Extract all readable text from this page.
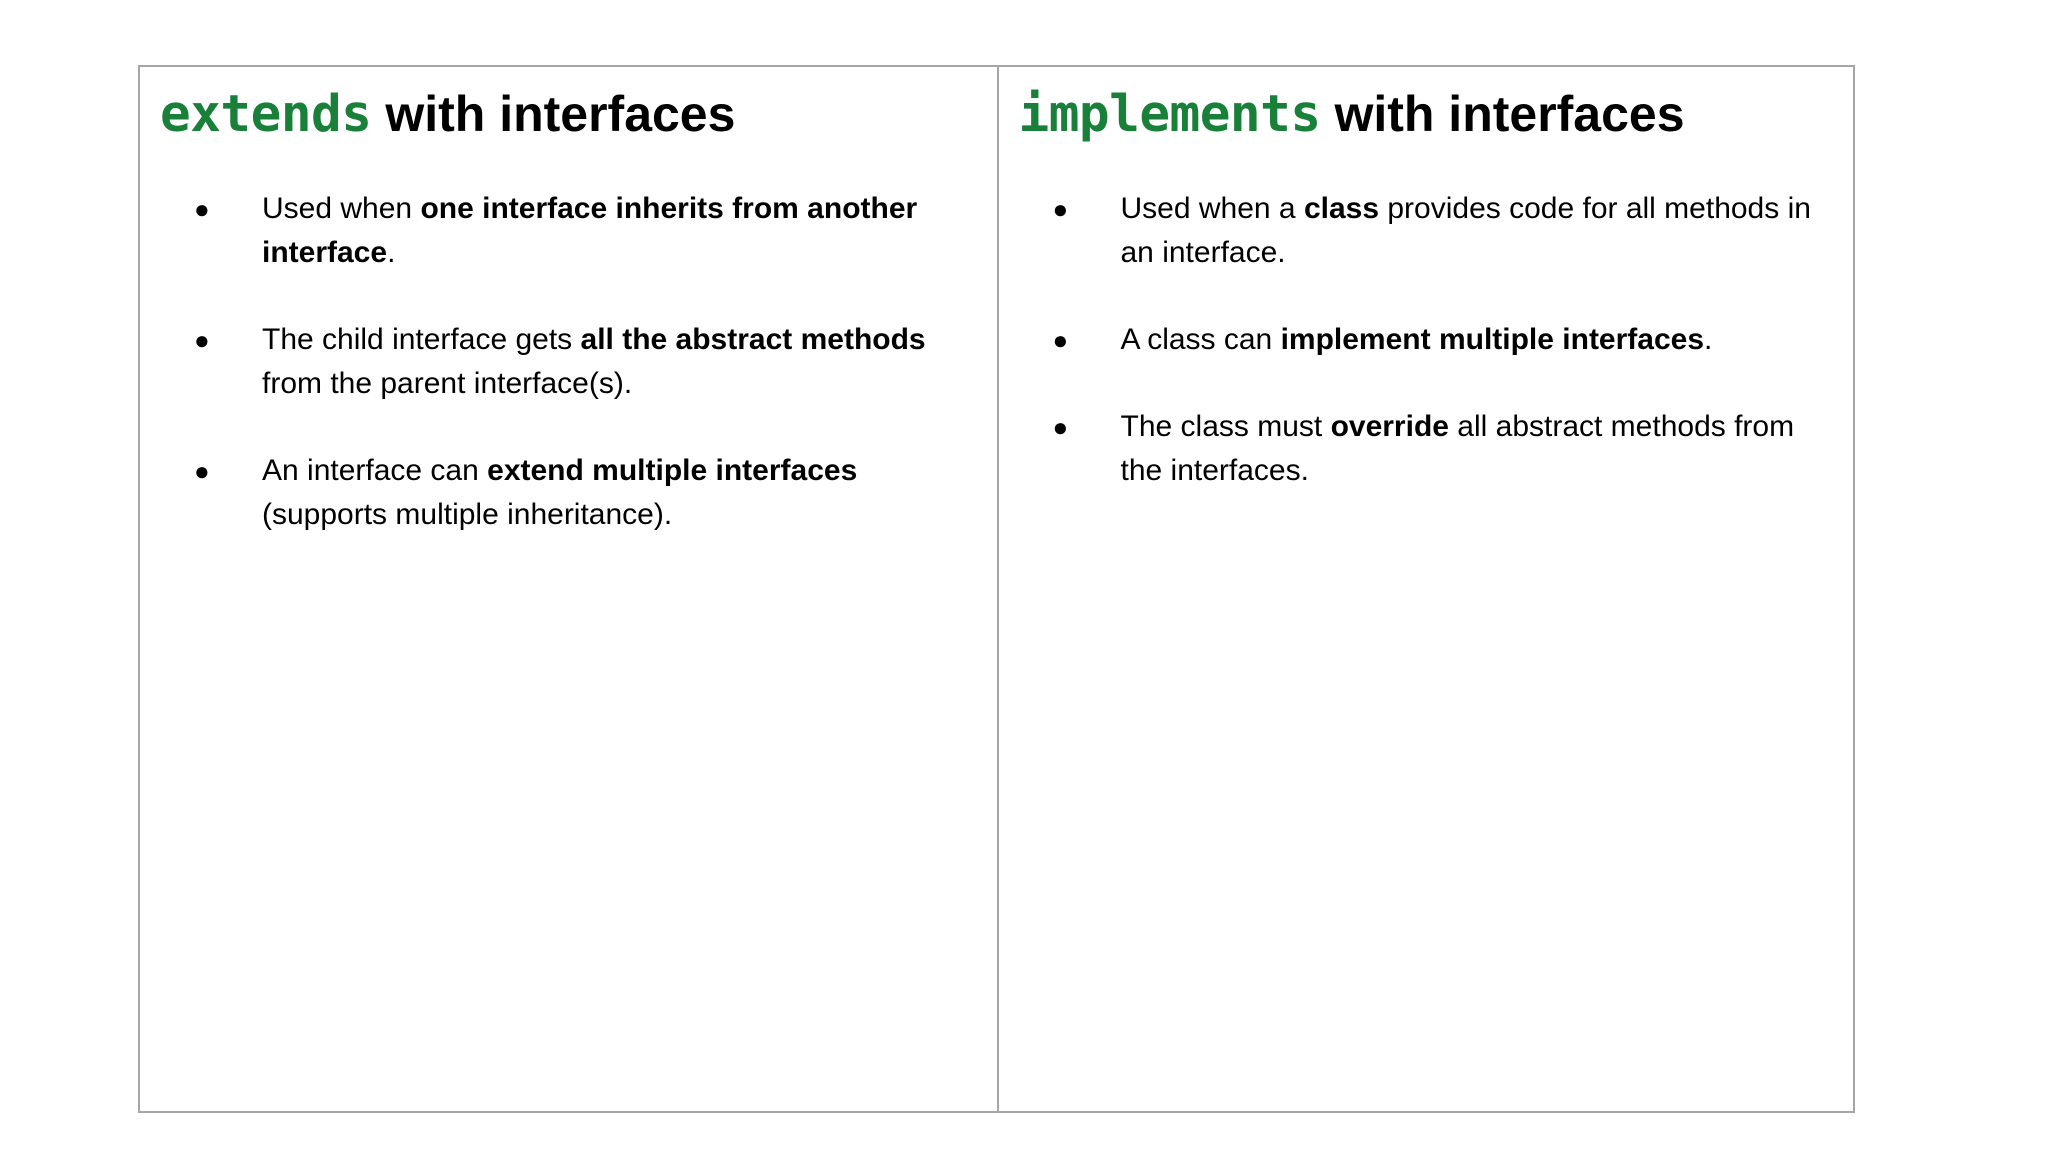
extends with interfaces
● Used when one interface inherits from another interface.
● The child interface gets all the abstract methods from the parent interface(s).
● An interface can extend multiple interfaces (supports multiple inheritance).
implements with interfaces
● Used when a class provides code for all methods in an interface.
● A class can implement multiple interfaces.
● The class must override all abstract methods from the interfaces.
